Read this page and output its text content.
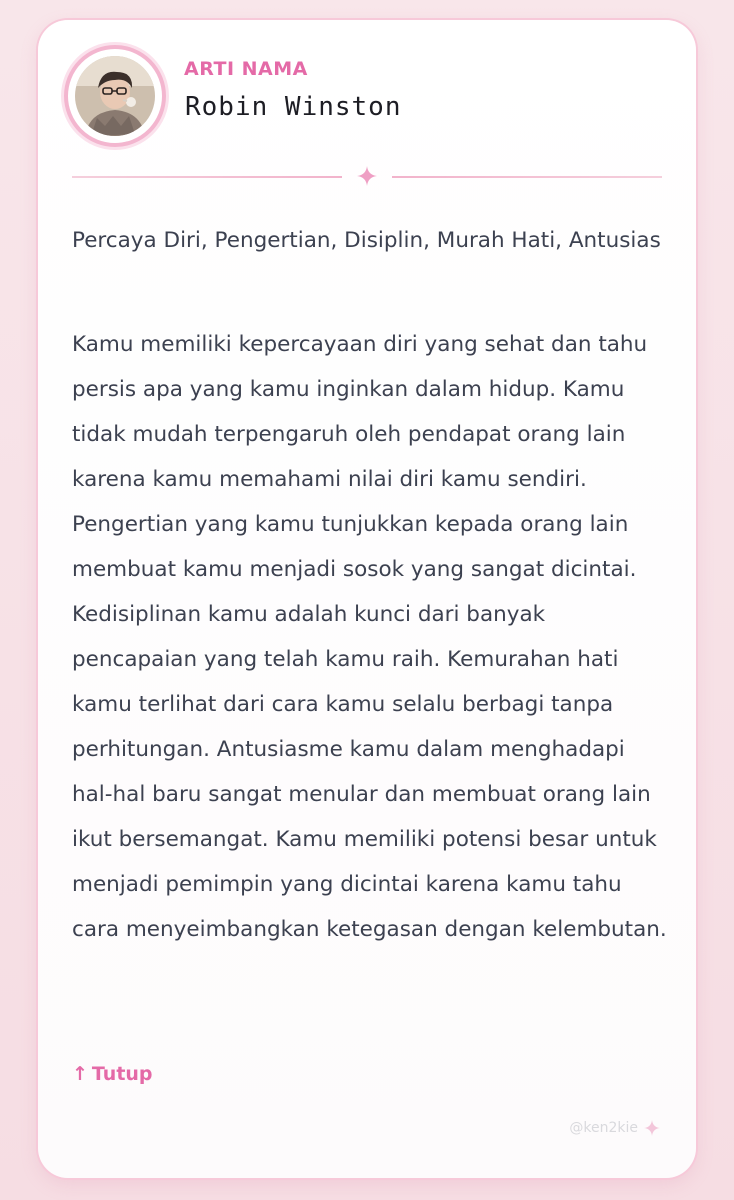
ARTI NAMA
Robin Winston
Percaya Diri, Pengertian, Disiplin, Murah Hati, Antusias
Kamu memiliki kepercayaan diri yang sehat dan tahu persis apa yang kamu inginkan dalam hidup. Kamu tidak mudah terpengaruh oleh pendapat orang lain karena kamu memahami nilai diri kamu sendiri. Pengertian yang kamu tunjukkan kepada orang lain membuat kamu menjadi sosok yang sangat dicintai. Kedisiplinan kamu adalah kunci dari banyak pencapaian yang telah kamu raih. Kemurahan hati kamu terlihat dari cara kamu selalu berbagi tanpa perhitungan. Antusiasme kamu dalam menghadapi hal-hal baru sangat menular dan membuat orang lain ikut bersemangat. Kamu memiliki potensi besar untuk menjadi pemimpin yang dicintai karena kamu tahu cara menyeimbangkan ketegasan dengan kelembutan.
↑ Tutup
@ken2kie
